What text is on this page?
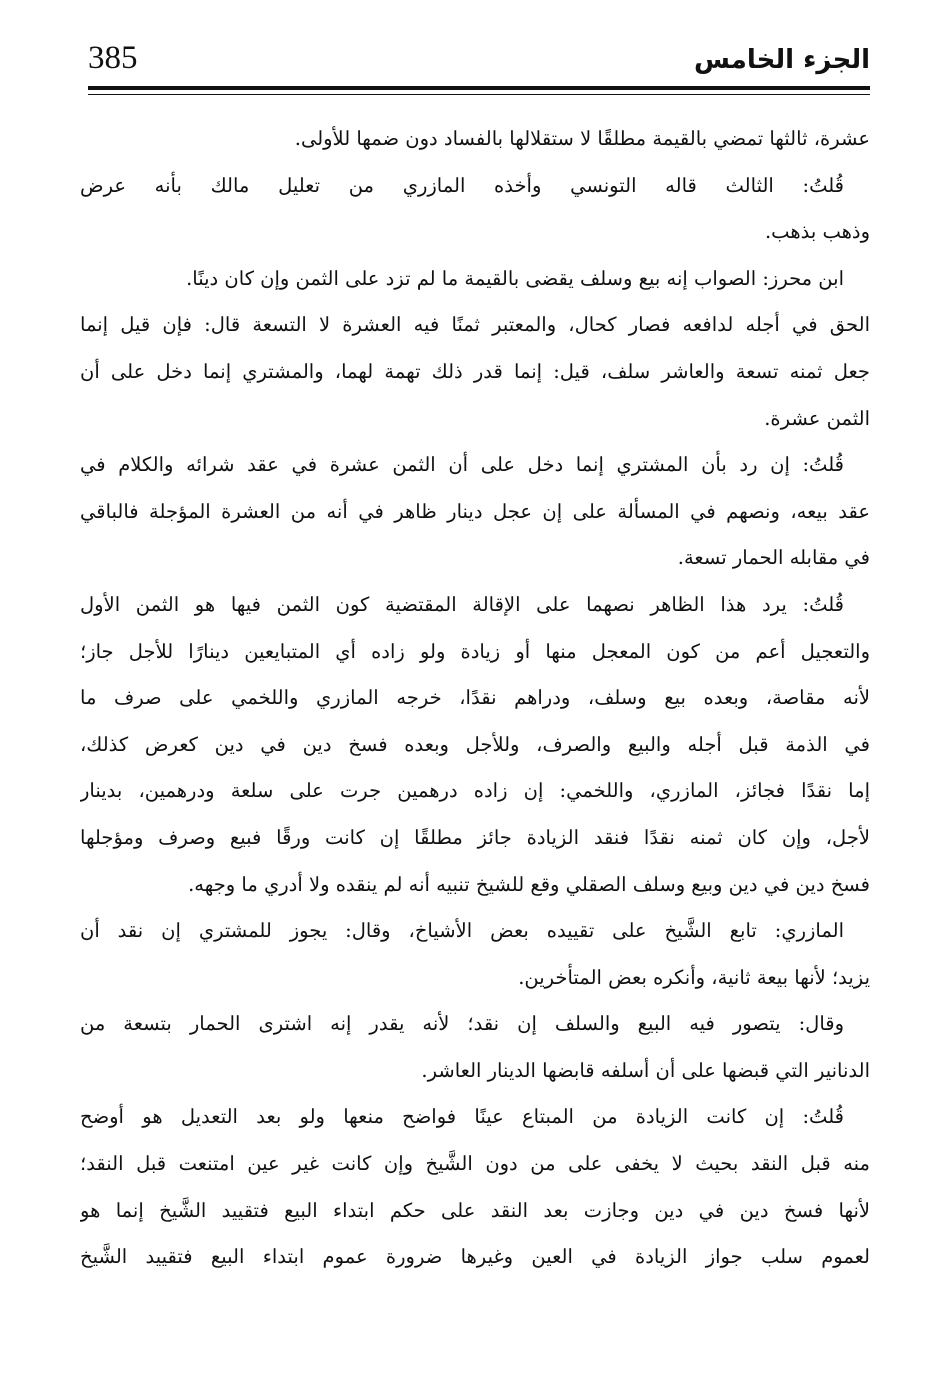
385	الجزء الخامس
عشرة، ثالثها تمضي بالقيمة مطلقًا لا ستقلالها بالفساد دون ضمها للأولى.
قُلتُ: الثالث قاله التونسي وأخذه المازري من تعليل مالك بأنه عرض
وذهب بذهب.
ابن محرز: الصواب إنه بيع وسلف يقضى بالقيمة ما لم تزد على الثمن وإن كان دينًا.
الحق في أجله لدافعه فصار كحال، والمعتبر ثمنًا فيه العشرة لا التسعة قال: فإن قيل إنما
جعل ثمنه تسعة والعاشر سلف، قيل: إنما قدر ذلك تهمة لهما، والمشتري إنما دخل على أن
الثمن عشرة.
قُلتُ: إن رد بأن المشتري إنما دخل على أن الثمن عشرة في عقد شرائه والكلام في
عقد بيعه، ونصهم في المسألة على إن عجل دينار ظاهر في أنه من العشرة المؤجلة فالباقي
في مقابله الحمار تسعة.
قُلتُ: يرد هذا الظاهر نصهما على الإقالة المقتضية كون الثمن فيها هو الثمن الأول
والتعجيل أعم من كون المعجل منها أو زيادة ولو زاده أي المتبايعين دينارًا للأجل جاز؛
لأنه مقاصة، وبعده بيع وسلف، ودراهم نقدًا، خرجه المازري واللخمي على صرف ما
في الذمة قبل أجله والبيع والصرف، وللأجل وبعده فسخ دين في دين كعرض كذلك،
إما نقدًا فجائز، المازري، واللخمي: إن زاده درهمين جرت على سلعة ودرهمين، بدينار
لأجل، وإن كان ثمنه نقدًا فنقد الزيادة جائز مطلقًا إن كانت ورقًا فبيع وصرف ومؤجلها
فسخ دين في دين وبيع وسلف الصقلي وقع للشيخ تنبيه أنه لم ينقده ولا أدري ما وجهه.
المازري: تابع الشَّيخ على تقييده بعض الأشياخ، وقال: يجوز للمشتري إن نقد أن
يزيد؛ لأنها بيعة ثانية، وأنكره بعض المتأخرين.
وقال: يتصور فيه البيع والسلف إن نقد؛ لأنه يقدر إنه اشترى الحمار بتسعة من
الدنانير التي قبضها على أن أسلفه قابضها الدينار العاشر.
قُلتُ: إن كانت الزيادة من المبتاع عينًا فواضح منعها ولو بعد التعديل هو أوضح
منه قبل النقد بحيث لا يخفى على من دون الشَّيخ وإن كانت غير عين امتنعت قبل النقد؛
لأنها فسخ دين في دين وجازت بعد النقد على حكم ابتداء البيع فتقييد الشَّيخ إنما هو
لعموم سلب جواز الزيادة في العين وغيرها ضرورة عموم ابتداء البيع فتقييد الشَّيخ
